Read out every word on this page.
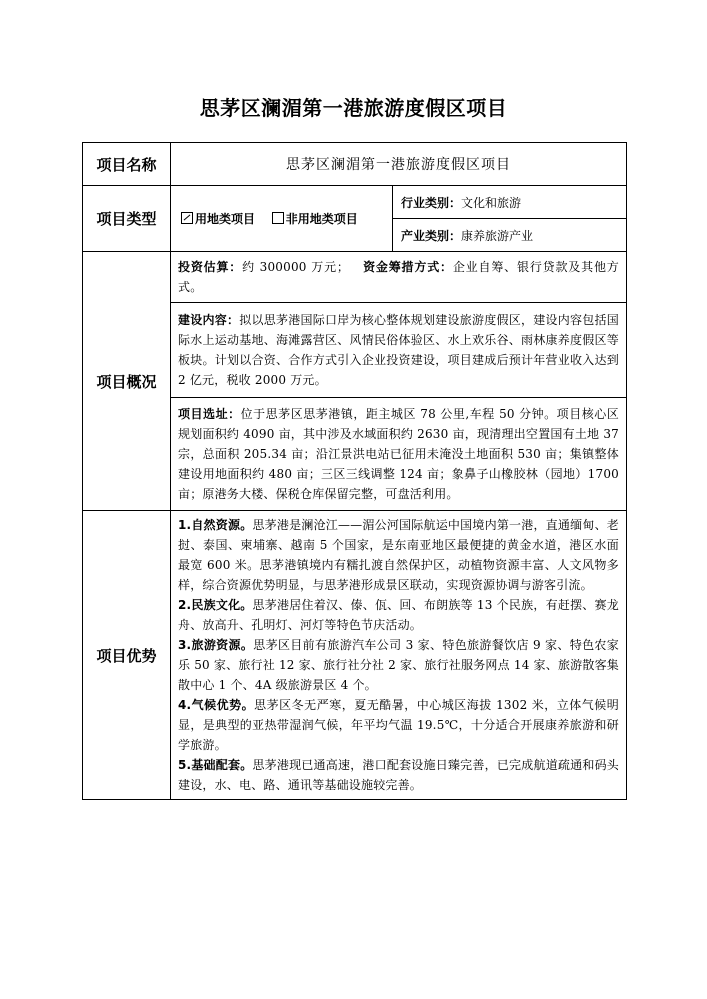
思茅区澜湄第一港旅游度假区项目
项目名称	思茅区澜湄第一港旅游度假区项目	
项目类型	用地类项目 非用地类项目	行业类别：文化和旅游
		产业类别：康养旅游产业
项目概况	投资估算：约 300000 万元； 资金筹措方式：企业自筹、银行贷款及其他方式。	
	建设内容：拟以思茅港国际口岸为核心整体规划建设旅游度假区，建设内容包括国际水上运动基地、海滩露营区、风情民俗体验区、水上欢乐谷、雨林康养度假区等板块。计划以合资、合作方式引入企业投资建设，项目建成后预计年营业收入达到 2 亿元，税收 2000 万元。	
	项目选址：位于思茅区思茅港镇，距主城区 78 公里,车程 50 分钟。项目核心区规划面积约 4090 亩，其中涉及水域面积约 2630 亩，现清理出空置国有土地 37 宗，总面积 205.34 亩；沿江景洪电站已征用未淹没土地面积 530 亩；集镇整体建设用地面积约 480 亩；三区三线调整 124 亩；象鼻子山橡胶林（园地）1700 亩；原港务大楼、保税仓库保留完整，可盘活利用。	
项目优势	1.自然资源。思茅港是澜沧江——湄公河国际航运中国境内第一港，直通缅甸、老挝、泰国、柬埔寨、越南 5 个国家，是东南亚地区最便捷的黄金水道，港区水面最宽 600 米。思茅港镇境内有糯扎渡自然保护区，动植物资源丰富、人文风物多样，综合资源优势明显，与思茅港形成景区联动，实现资源协调与游客引流。
2.民族文化。思茅港居住着汉、傣、佤、回、布朗族等 13 个民族，有赶摆、赛龙舟、放高升、孔明灯、河灯等特色节庆活动。
3.旅游资源。思茅区目前有旅游汽车公司 3 家、特色旅游餐饮店 9 家、特色农家乐 50 家、旅行社 12 家、旅行社分社 2 家、旅行社服务网点 14 家、旅游散客集散中心 1 个、4A 级旅游景区 4 个。
4.气候优势。思茅区冬无严寒，夏无酷暑，中心城区海拔 1302 米，立体气候明显，是典型的亚热带湿润气候，年平均气温 19.5℃，十分适合开展康养旅游和研学旅游。
5.基础配套。思茅港现已通高速，港口配套设施日臻完善，已完成航道疏通和码头建设，水、电、路、通讯等基础设施较完善。	
